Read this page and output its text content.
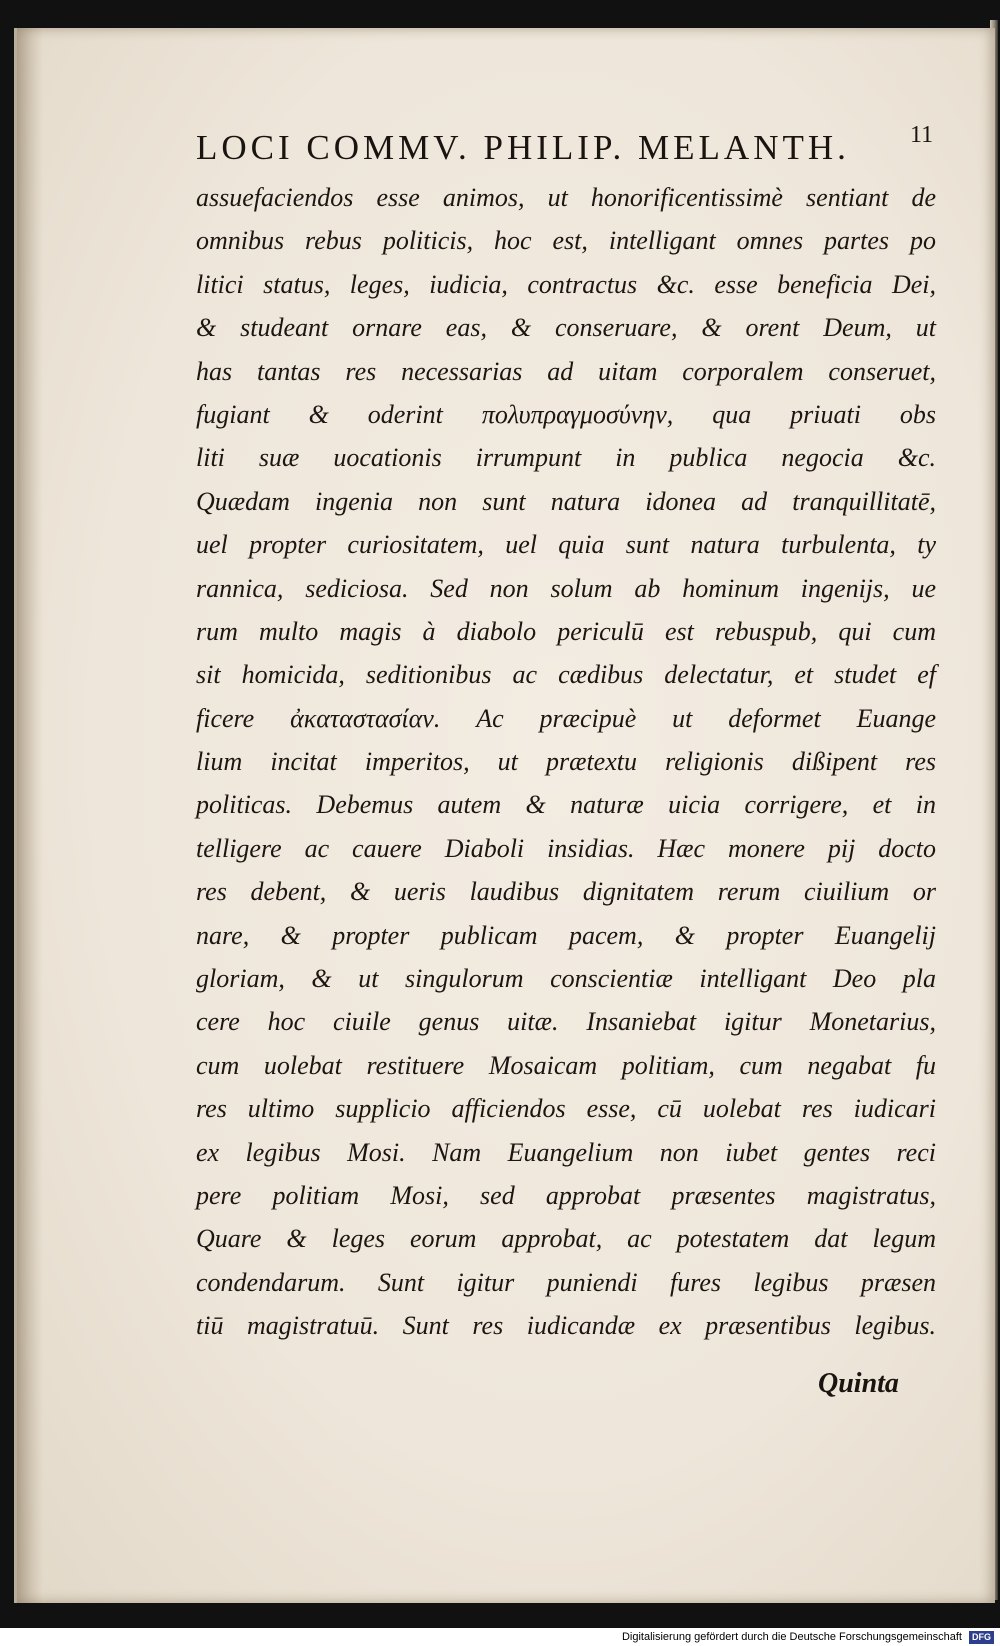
LOCI COMMV. PHILIP. MELANTH.	11
assuefaciendos esse animos, ut honorificentissimè sentiant de
omnibus rebus politicis, hoc est, intelligant omnes partes po
litici status, leges, iudicia, contractus &c. esse beneficia Dei,
& studeant ornare eas, & conseruare, & orent Deum, ut
has tantas res necessarias ad uitam corporalem conseruet,
fugiant & oderint πολυπραγμοσύνην, qua priuati obs
liti suæ uocationis irrumpunt in publica negocia &c.
Quædam ingenia non sunt natura idonea ad tranquillitatē,
uel propter curiositatem, uel quia sunt natura turbulenta, ty
rannica, sediciosa. Sed non solum ab hominum ingenijs, ue
rum multo magis à diabolo periculū est rebuspub, qui cum
sit homicida, seditionibus ac cædibus delectatur, et studet ef
ficere ἀκαταστασίαν. Ac præcipuè ut deformet Euange
lium incitat imperitos, ut prætextu religionis dißipent res
politicas. Debemus autem & naturæ uicia corrigere, et in
telligere ac cauere Diaboli insidias. Hæc monere pij docto
res debent, & ueris laudibus dignitatem rerum ciuilium or
nare, & propter publicam pacem, & propter Euangelij
gloriam, & ut singulorum conscientiæ intelligant Deo pla
cere hoc ciuile genus uitæ. Insaniebat igitur Monetarius,
cum uolebat restituere Mosaicam politiam, cum negabat fu
res ultimo supplicio afficiendos esse, cū uolebat res iudicari
ex legibus Mosi. Nam Euangelium non iubet gentes reci
pere politiam Mosi, sed approbat præsentes magistratus,
Quare & leges eorum approbat, ac potestatem dat legum
condendarum. Sunt igitur puniendi fures legibus præsen
tiū magistratuū. Sunt res iudicandæ ex præsentibus legibus.
Quinta
Digitalisierung gefördert durch die Deutsche Forschungsgemeinschaft DFG
